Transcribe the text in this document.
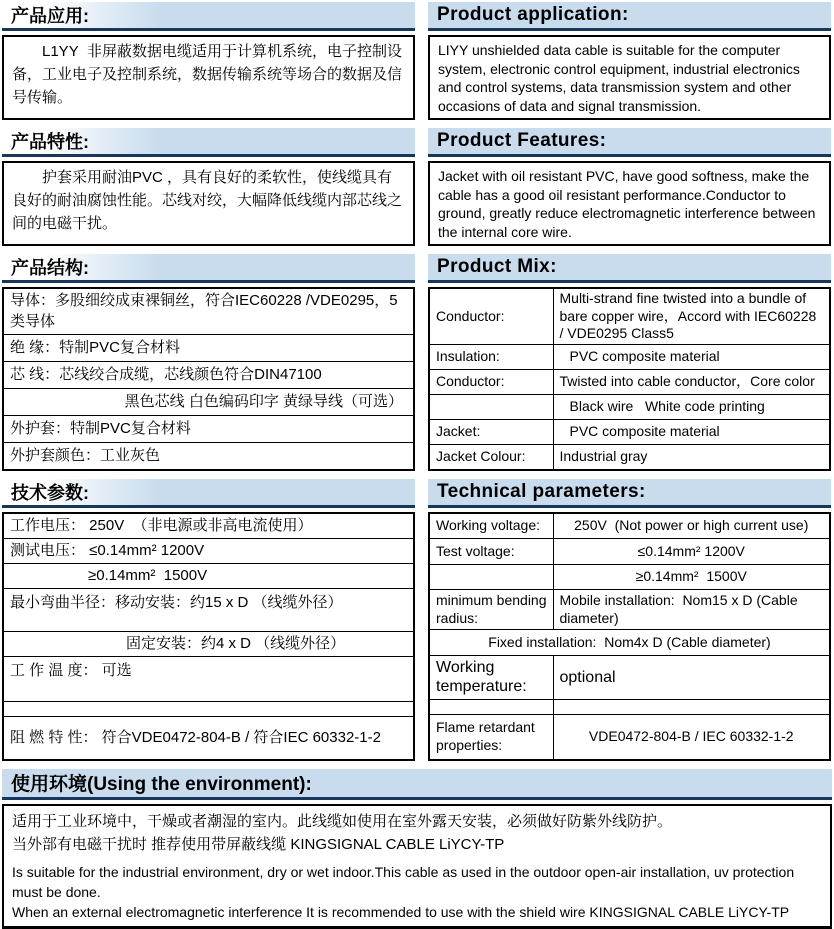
产品应用:	Product application:

L1YY  非屏蔽数据电缆适用于计算机系统，电子控制设备，工业电子及控制系统，数据传输系统等场合的数据及信号传输。

LIYY unshielded data cable is suitable for the computer system, electronic control equipment, industrial electronics and control systems, data transmission system and other occasions of data and signal transmission.

产品特性:	Product Features:

护套采用耐油PVC ，具有良好的柔软性，使线缆具有良好的耐油腐蚀性能。芯线对绞，大幅降低线缆内部芯线之间的电磁干扰。

Jacket with oil resistant PVC, have good softness, make the cable has a good oil resistant performance.Conductor to ground, greatly reduce electromagnetic interference between the internal core wire.

产品结构:	Product Mix:
导体：多股细绞成束裸铜丝，符合IEC60228 /VDE0295，5类导体
绝 缘：特制PVC复合材料
芯 线：芯线绞合成缆，芯线颜色符合DIN47100
黑色芯线 白色编码印字 黄绿导线（可选）
外护套：特制PVC复合材料
外护套颜色：工业灰色
Conductor:	Multi-strand fine twisted into a bundle of bare copper wire，Accord with IEC60228 / VDE0295 Class5
Insulation:	PVC composite material
Conductor:	Twisted into cable conductor，Core color
	Black wire   White code printing
Jacket:	PVC composite material
Jacket Colour:	Industrial gray
技术参数:	Technical parameters:
工作电压： 250V  （非电源或非高电流使用）
测试电压： ≤0.14mm² 1200V
≥0.14mm²  1500V
最小弯曲半径：移动安装：约15 x D （线缆外径）
固定安装：约4 x D （线缆外径）
工 作 温 度： 可选

阻 燃 特 性： 符合VDE0472-804-B / 符合IEC 60332-1-2
Working voltage:	250V  (Not power or high current use)
Test voltage:	≤0.14mm² 1200V
	≥0.14mm²  1500V
minimum bending radius:	Mobile installation:  Nom15 x D (Cable diameter)
Fixed installation:  Nom4x D (Cable diameter)	
Working temperature:	optional

Flame retardant properties:	VDE0472-804-B / IEC 60332-1-2
使用环境(Using the environment):

适用于工业环境中，干燥或者潮湿的室内。此线缆如使用在室外露天安装，必须做好防紫外线防护。

当外部有电磁干扰时 推荐使用带屏蔽线缆 KINGSIGNAL CABLE LiYCY-TP

Is suitable for the industrial environment, dry or wet indoor.This cable as used in the outdoor open-air installation, uv protection must be done.

When an external electromagnetic interference It is recommended to use with the shield wire KINGSIGNAL CABLE LiYCY-TP
